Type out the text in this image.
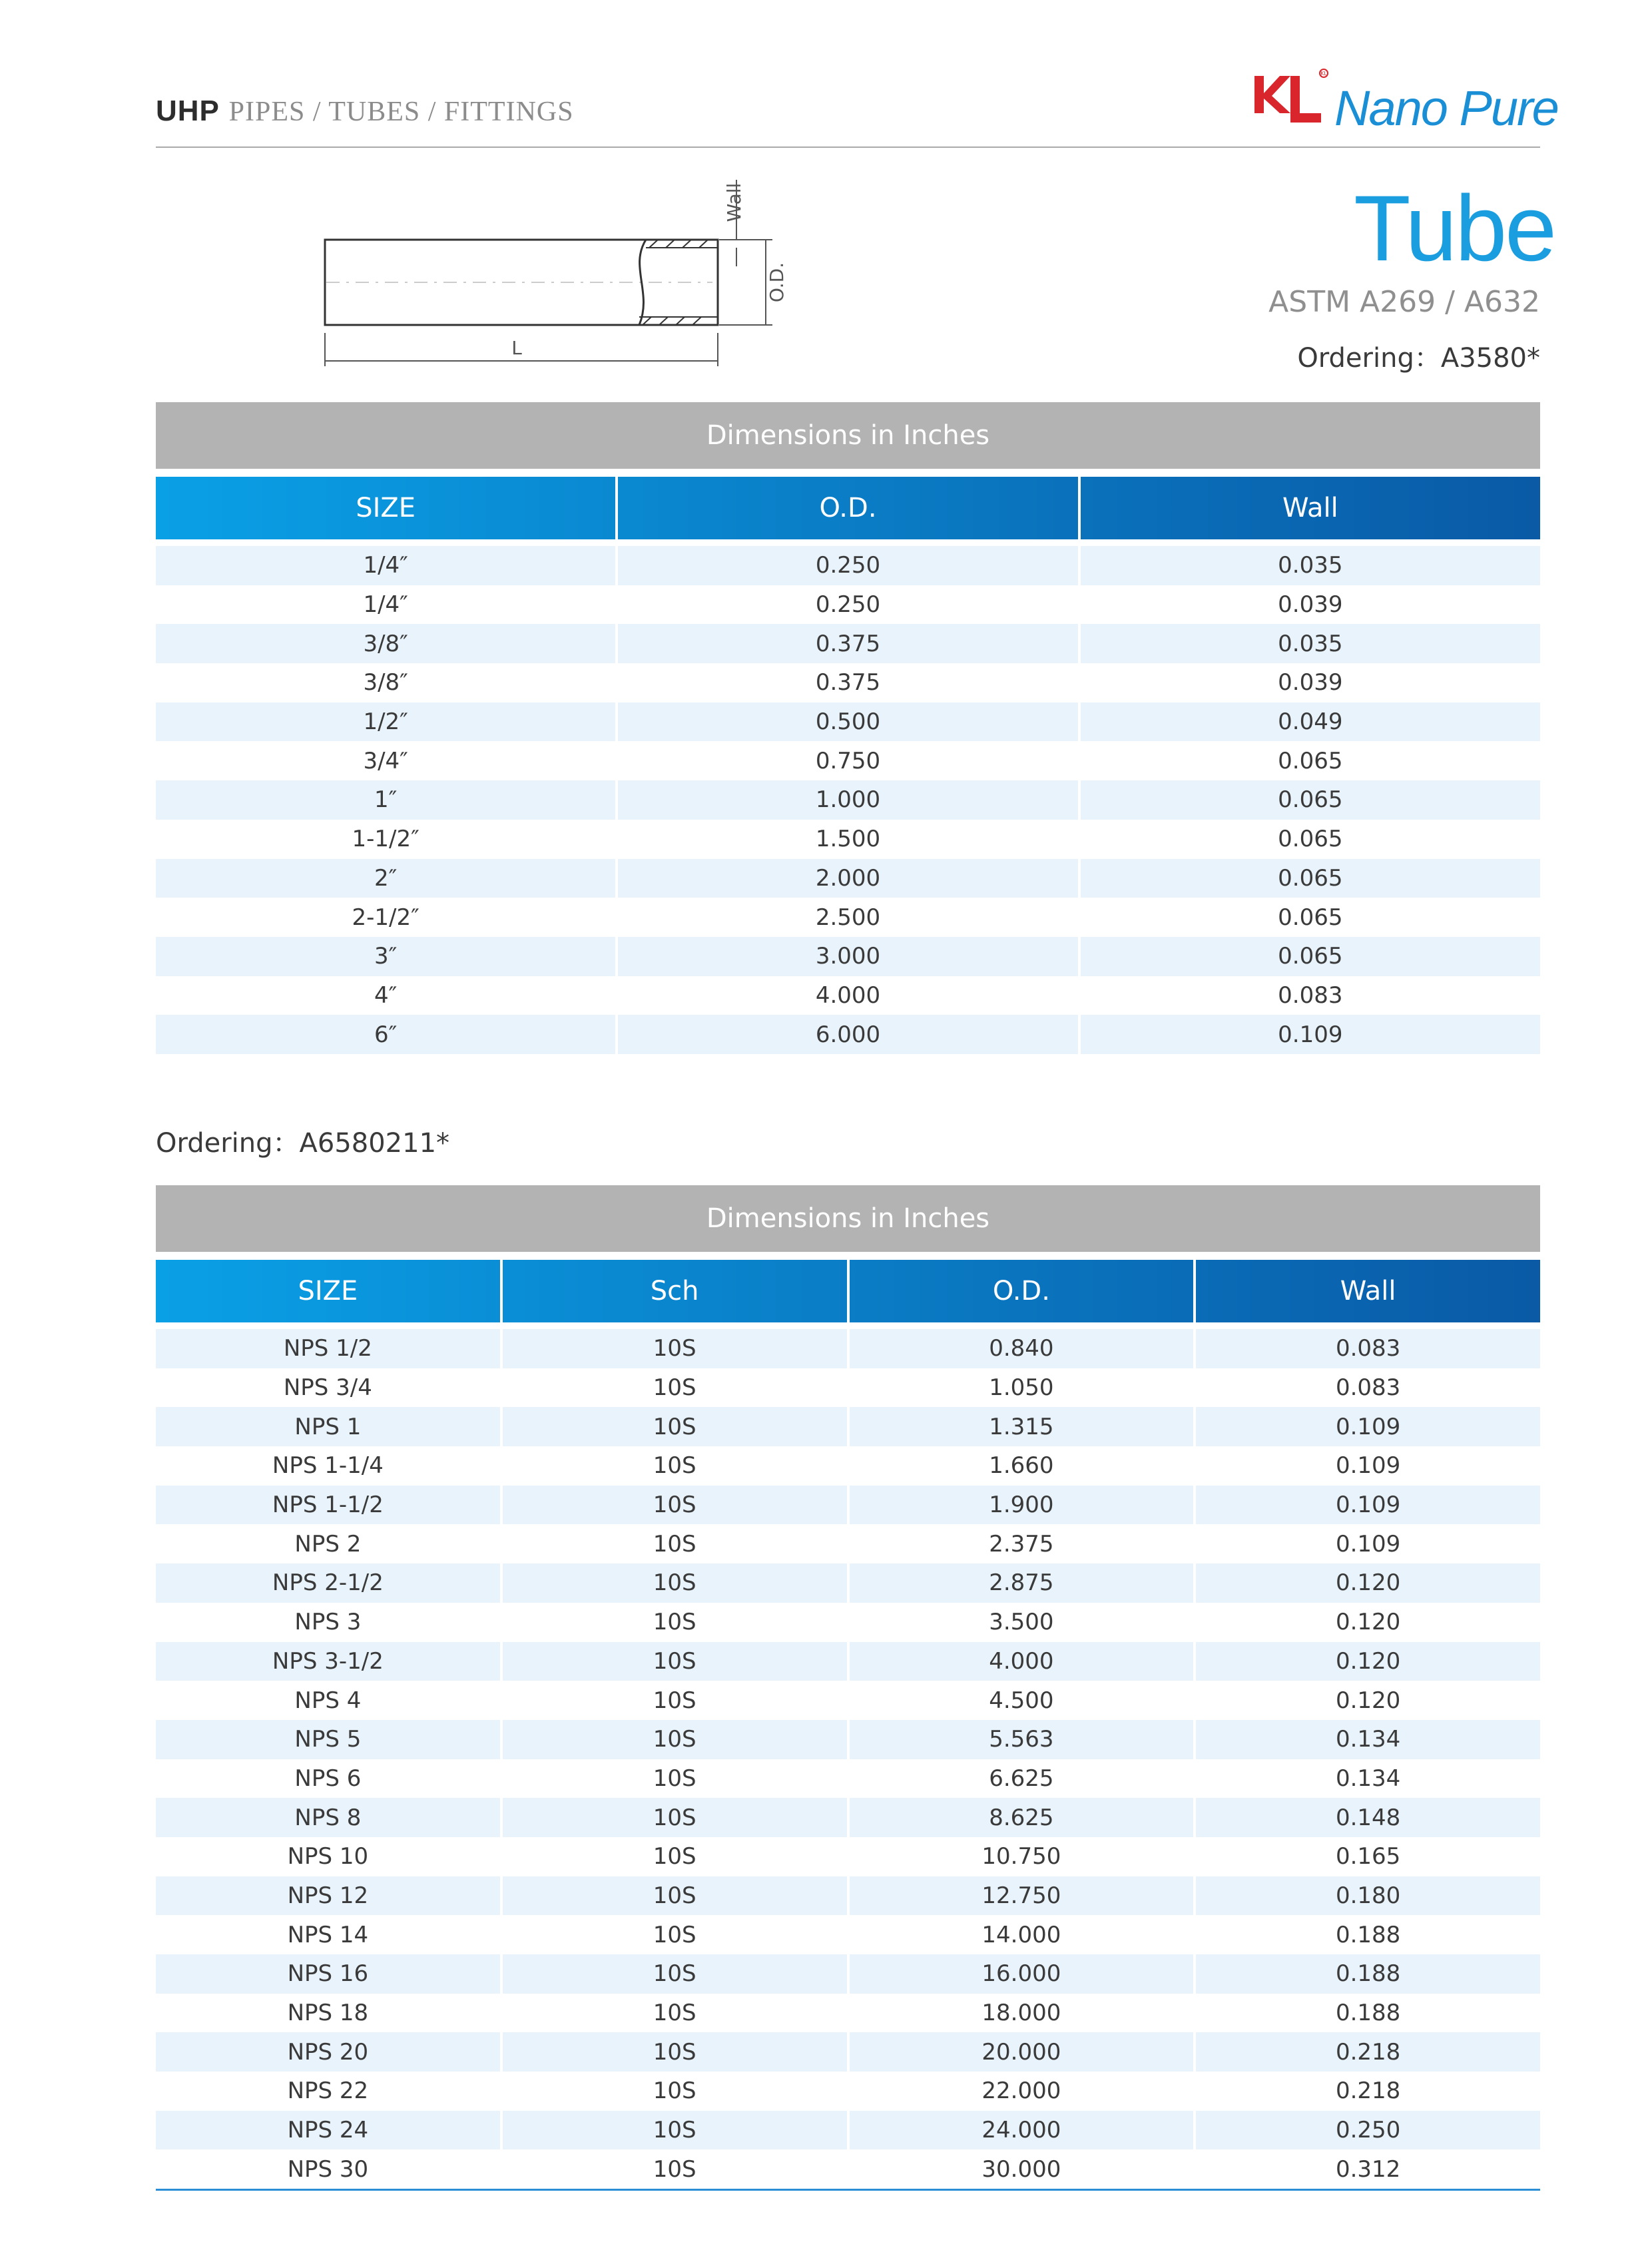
UHP PIPES / TUBES / FITTINGS
KL
Nano Pure
L
Wall
O.D.
Tube
ASTM A269 / A632
Ordering：A3580*
Dimensions in Inches
SIZE	O.D.	Wall
1/4″	0.250	0.035
1/4″	0.250	0.039
3/8″	0.375	0.035
3/8″	0.375	0.039
1/2″	0.500	0.049
3/4″	0.750	0.065
1″	1.000	0.065
1-1/2″	1.500	0.065
2″	2.000	0.065
2-1/2″	2.500	0.065
3″	3.000	0.065
4″	4.000	0.083
6″	6.000	0.109
Ordering：A6580211*
Dimensions in Inches
SIZE	Sch	O.D.	Wall
NPS 1/2	10S	0.840	0.083
NPS 3/4	10S	1.050	0.083
NPS 1	10S	1.315	0.109
NPS 1-1/4	10S	1.660	0.109
NPS 1-1/2	10S	1.900	0.109
NPS 2	10S	2.375	0.109
NPS 2-1/2	10S	2.875	0.120
NPS 3	10S	3.500	0.120
NPS 3-1/2	10S	4.000	0.120
NPS 4	10S	4.500	0.120
NPS 5	10S	5.563	0.134
NPS 6	10S	6.625	0.134
NPS 8	10S	8.625	0.148
NPS 10	10S	10.750	0.165
NPS 12	10S	12.750	0.180
NPS 14	10S	14.000	0.188
NPS 16	10S	16.000	0.188
NPS 18	10S	18.000	0.188
NPS 20	10S	20.000	0.218
NPS 22	10S	22.000	0.218
NPS 24	10S	24.000	0.250
NPS 30	10S	30.000	0.312
